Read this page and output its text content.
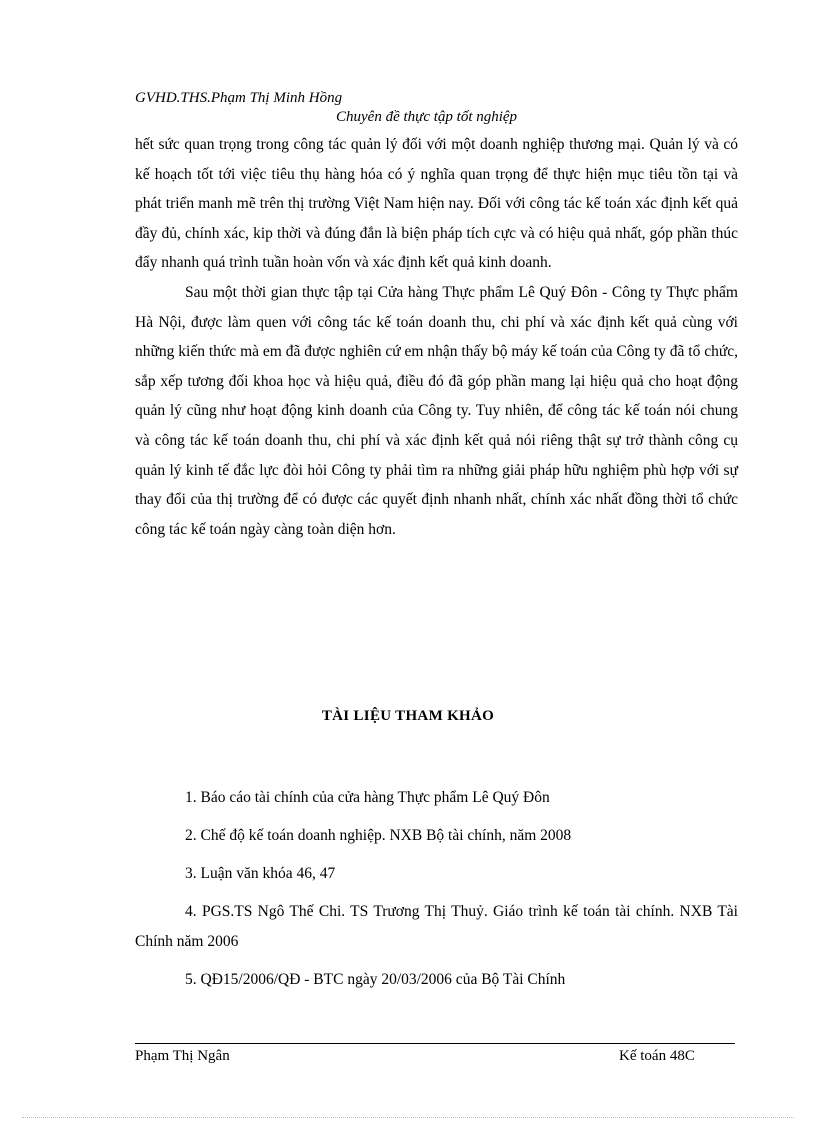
GVHD.THS.Phạm Thị Minh Hồng
Chuyên đề thực tập tốt nghiệp

hết sức quan trọng trong công tác quản lý đối với một doanh nghiệp thương mại. Quản lý và có kế hoạch tốt tới việc tiêu thụ hàng hóa có ý nghĩa quan trọng để thực hiện mục tiêu tồn tại và phát triển manh mẽ trên thị trường Việt Nam hiện nay. Đối với công tác kế toán xác định kết quả đầy đủ, chính xác, kip thời và đúng đắn là biện pháp tích cực và có hiệu quả nhất, góp phần thúc đẩy nhanh quá trình tuần hoàn vốn và xác định kết quả kinh doanh.

Sau một thời gian thực tập tại Cửa hàng Thực phẩm Lê Quý Đôn - Công ty Thực phẩm Hà Nội, được làm quen với công tác kế toán doanh thu, chi phí và xác định kết quả cùng với những kiến thức mà em đã được nghiên cứ em nhận thấy bộ máy kế toán của Công ty đã tổ chức, sắp xếp tương đối khoa học và hiệu quả, điều đó đã góp phần mang lại hiệu quả cho hoạt động quản lý cũng như hoạt động kinh doanh của Công ty. Tuy nhiên, để công tác kế toán nói chung và công tác kế toán doanh thu, chi phí và xác định kết quả nói riêng thật sự trở thành công cụ quản lý kinh tế đắc lực đòi hỏi Công ty phải tìm ra những giải pháp hữu nghiệm phù hợp với sự thay đổi của thị trường để có được các quyết định nhanh nhất, chính xác nhất đồng thời tổ chức công tác kế toán ngày càng toàn diện hơn.

TÀI LIỆU THAM KHẢO
1. Báo cáo tài chính của cửa hàng Thực phẩm Lê Quý Đôn
2. Chế độ kế toán doanh nghiệp. NXB Bộ tài chính, năm 2008
3. Luận văn khóa 46, 47
4. PGS.TS Ngô Thế Chi. TS Trương Thị Thuỷ. Giáo trình kế toán tài chính. NXB Tài Chính năm 2006
5. QĐ15/2006/QĐ - BTC ngày 20/03/2006 của Bộ Tài Chính
Phạm Thị Ngân	Kế toán 48C
